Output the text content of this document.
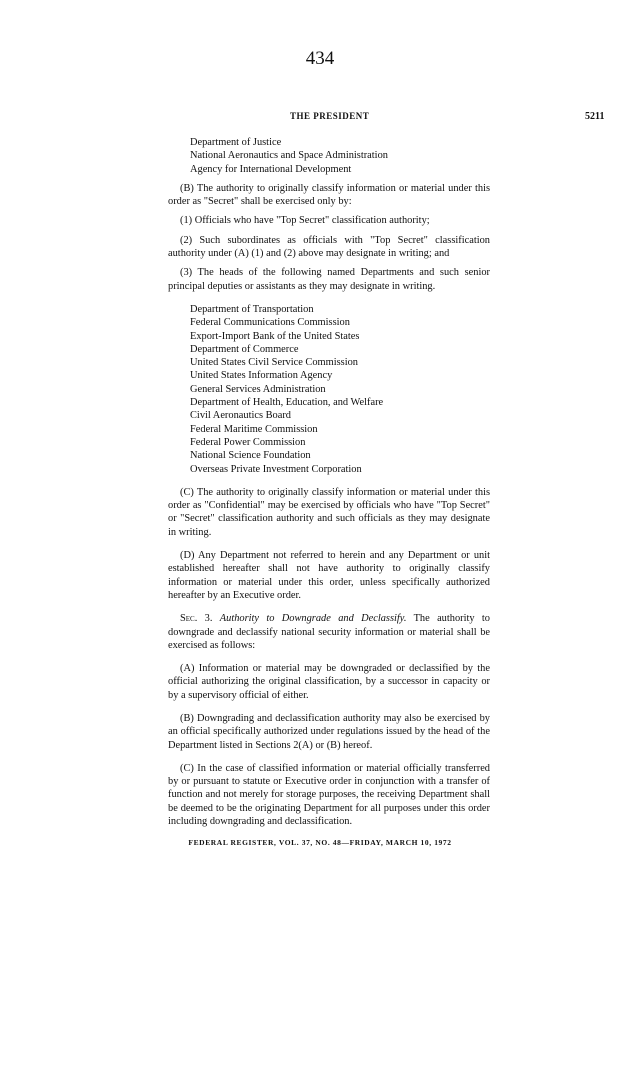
434
THE PRESIDENT	5211
Department of Justice
National Aeronautics and Space Administration
Agency for International Development

(B) The authority to originally classify information or material under this order as "Secret" shall be exercised only by:

(1) Officials who have "Top Secret" classification authority;

(2) Such subordinates as officials with "Top Secret" classification authority under (A) (1) and (2) above may designate in writing; and

(3) The heads of the following named Departments and such senior principal deputies or assistants as they may designate in writing.

Department of Transportation
Federal Communications Commission
Export-Import Bank of the United States
Department of Commerce
United States Civil Service Commission
United States Information Agency
General Services Administration
Department of Health, Education, and Welfare
Civil Aeronautics Board
Federal Maritime Commission
Federal Power Commission
National Science Foundation
Overseas Private Investment Corporation

(C) The authority to originally classify information or material under this order as "Confidential" may be exercised by officials who have "Top Secret" or "Secret" classification authority and such officials as they may designate in writing.

(D) Any Department not referred to herein and any Department or unit established hereafter shall not have authority to originally classify information or material under this order, unless specifically authorized hereafter by an Executive order.

Sec. 3. Authority to Downgrade and Declassify. The authority to downgrade and declassify national security information or material shall be exercised as follows:

(A) Information or material may be downgraded or declassified by the official authorizing the original classification, by a successor in capacity or by a supervisory official of either.

(B) Downgrading and declassification authority may also be exercised by an official specifically authorized under regulations issued by the head of the Department listed in Sections 2(A) or (B) hereof.

(C) In the case of classified information or material officially transferred by or pursuant to statute or Executive order in conjunction with a transfer of function and not merely for storage purposes, the receiving Department shall be deemed to be the originating Department for all purposes under this order including downgrading and declassification.

FEDERAL REGISTER, VOL. 37, NO. 48—FRIDAY, MARCH 10, 1972
